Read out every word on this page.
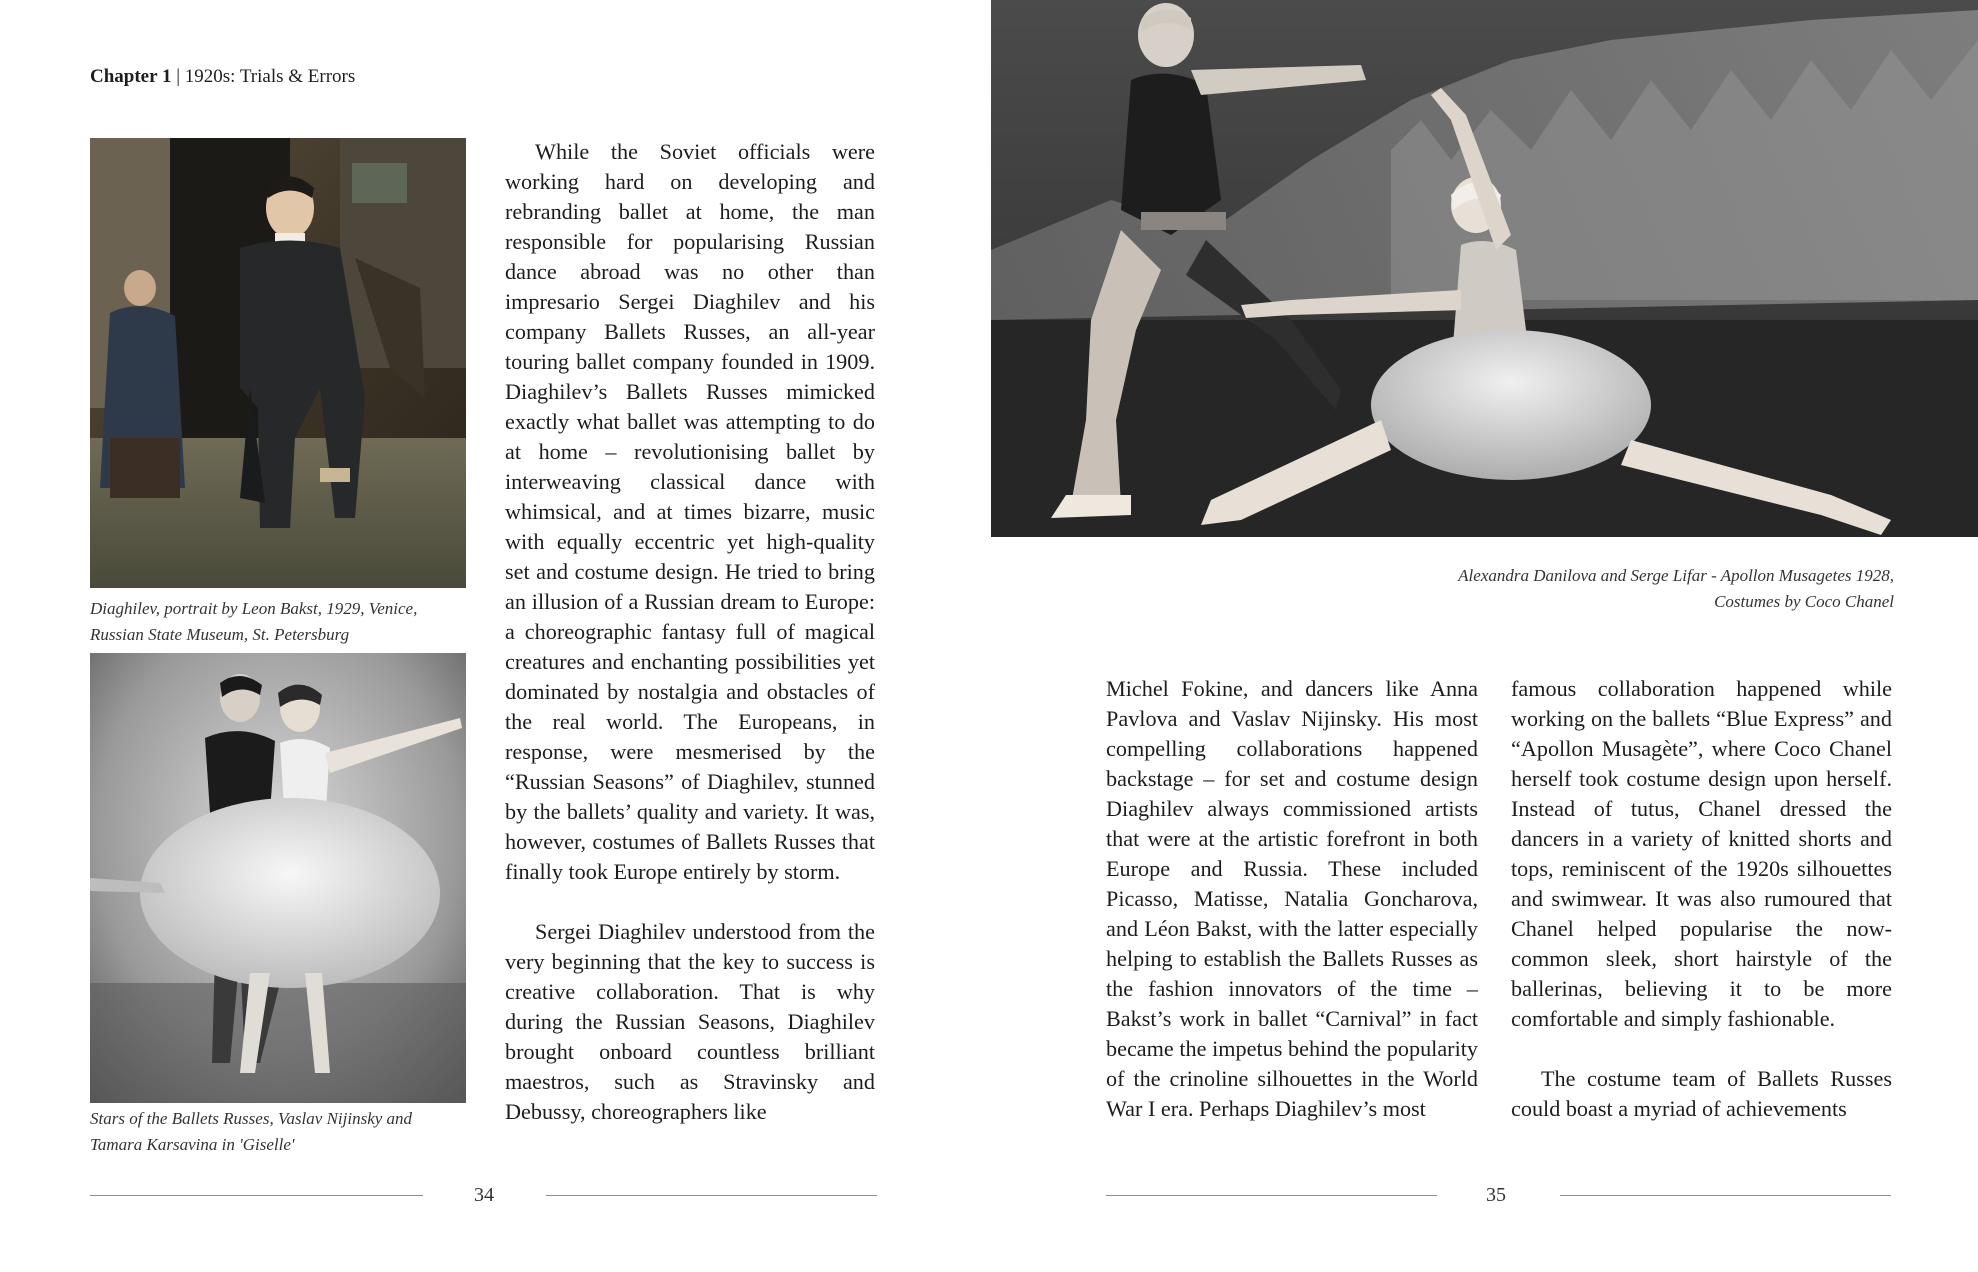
Chapter 1 | 1920s: Trials & Errors
Diaghilev, portrait by Leon Bakst, 1929, Venice,
Russian State Museum, St. Petersburg
Stars of the Ballets Russes, Vaslav Nijinsky and
Tamara Karsavina in 'Giselle'

While the Soviet officials were working hard on developing and rebranding ballet at home, the man responsible for popularising Russian dance abroad was no other than impresario Sergei Diaghilev and his company Ballets Russes, an all-year touring ballet company founded in 1909. Diaghilev’s Ballets Russes mimicked exactly what ballet was attempting to do at home – revolutionising ballet by interweaving classical dance with whimsical, and at times bizarre, music with equally eccentric yet high-quality set and costume design. He tried to bring an illusion of a Russian dream to Europe: a choreographic fantasy full of magical creatures and enchanting possibilities yet dominated by nostalgia and obstacles of the real world. The Europeans, in response, were mesmerised by the “Russian Seasons” of Diaghilev, stunned by the ballets’ quality and variety. It was, however, costumes of Ballets Russes that finally took Europe entirely by storm.

Sergei Diaghilev understood from the very beginning that the key to success is creative collaboration. That is why during the Russian Seasons, Diaghilev brought onboard countless brilliant maestros, such as Stravinsky and Debussy, choreographers like

34
Alexandra Danilova and Serge Lifar - Apollon Musagetes 1928,
Costumes by Coco Chanel

Michel Fokine, and dancers like Anna Pavlova and Vaslav Nijinsky. His most compelling collaborations happened backstage – for set and costume design Diaghilev always commissioned artists that were at the artistic forefront in both Europe and Russia. These included Picasso, Matisse, Natalia Goncharova, and Léon Bakst, with the latter especially helping to establish the Ballets Russes as the fashion innovators of the time – Bakst’s work in ballet “Carnival” in fact became the impetus behind the popularity of the crinoline silhouettes in the World War I era. Perhaps Diaghilev’s most

famous collaboration happened while working on the ballets “Blue Express” and “Apollon Musagète”, where Coco Chanel herself took costume design upon herself. Instead of tutus, Chanel dressed the dancers in a variety of knitted shorts and tops, reminiscent of the 1920s silhouettes and swimwear. It was also rumoured that Chanel helped popularise the now-common sleek, short hairstyle of the ballerinas, believing it to be more comfortable and simply fashionable.

The costume team of Ballets Russes could boast a myriad of achievements

35
